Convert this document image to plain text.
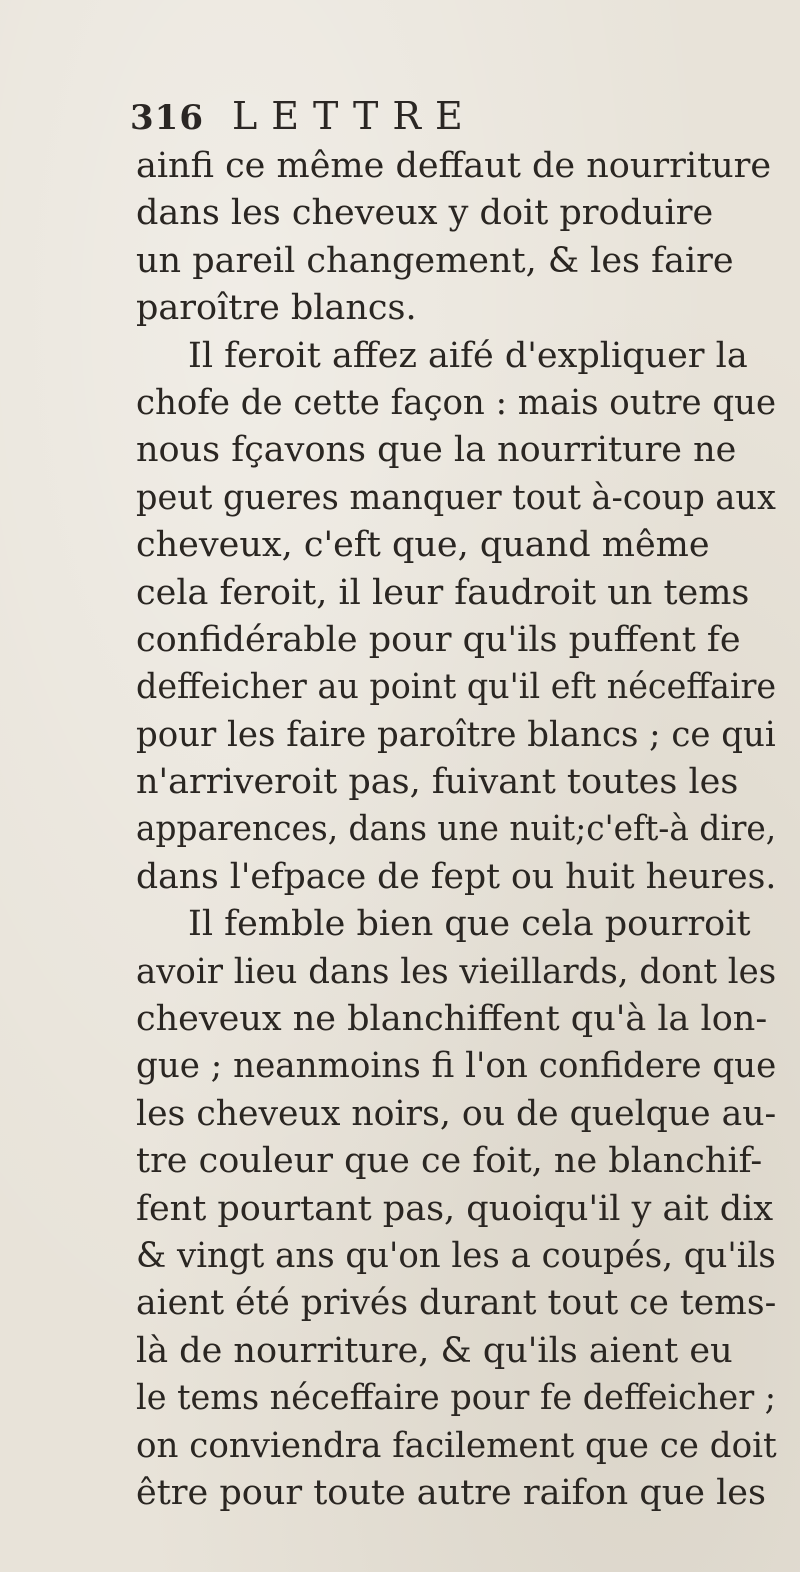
316 LETTRE
ainfi ce même deffaut de nourriture
dans les cheveux y doit produire
un pareil changement, & les faire
paroître blancs.
Il feroit affez aifé d'expliquer la
chofe de cette façon : mais outre que
nous fçavons que la nourriture ne
peut gueres manquer tout à-coup aux
cheveux, c'eft que, quand même
cela feroit, il leur faudroit un tems
confidérable pour qu'ils puffent fe
deffeicher au point qu'il eft néceffaire
pour les faire paroître blancs ; ce qui
n'arriveroit pas, fuivant toutes les
apparences, dans une nuit;c'eft-à dire,
dans l'efpace de fept ou huit heures.
Il femble bien que cela pourroit
avoir lieu dans les vieillards, dont les
cheveux ne blanchiffent qu'à la lon-
gue ; neanmoins fi l'on confidere que
les cheveux noirs, ou de quelque au-
tre couleur que ce foit, ne blanchif-
fent pourtant pas, quoiqu'il y ait dix
& vingt ans qu'on les a coupés, qu'ils
aient été privés durant tout ce tems-
là de nourriture, & qu'ils aient eu
le tems néceffaire pour fe deffeicher ;
on conviendra facilement que ce doit
être pour toute autre raifon que les
